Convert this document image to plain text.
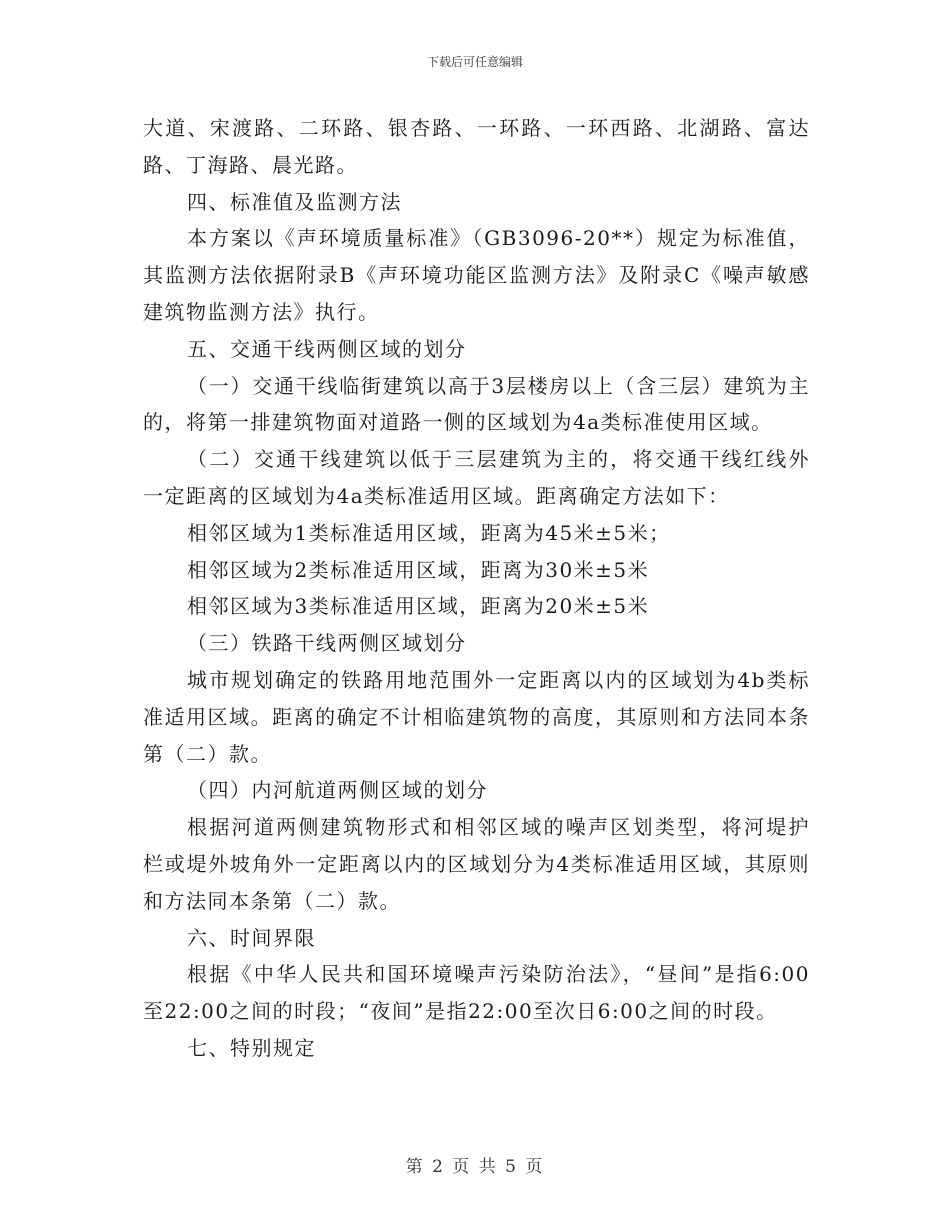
下载后可任意编辑

大道、宋渡路、二环路、银杏路、一环路、一环西路、北湖路、富达路、丁海路、晨光路。

四、标准值及监测方法

本方案以《声环境质量标准》（GB3096-20**）规定为标准值，其监测方法依据附录B《声环境功能区监测方法》及附录C《噪声敏感建筑物监测方法》执行。

五、交通干线两侧区域的划分

（一）交通干线临街建筑以高于3层楼房以上（含三层）建筑为主的，将第一排建筑物面对道路一侧的区域划为4a类标准使用区域。

（二）交通干线建筑以低于三层建筑为主的，将交通干线红线外一定距离的区域划为4a类标准适用区域。距离确定方法如下：

相邻区域为1类标准适用区域，距离为45米±5米；

相邻区域为2类标准适用区域，距离为30米±5米

相邻区域为3类标准适用区域，距离为20米±5米

（三）铁路干线两侧区域划分

城市规划确定的铁路用地范围外一定距离以内的区域划为4b类标准适用区域。距离的确定不计相临建筑物的高度，其原则和方法同本条第（二）款。

（四）内河航道两侧区域的划分

根据河道两侧建筑物形式和相邻区域的噪声区划类型，将河堤护栏或堤外坡角外一定距离以内的区域划分为4类标准适用区域，其原则和方法同本条第（二）款。

六、时间界限

根据《中华人民共和国环境噪声污染防治法》，“昼间”是指6:00至22:00之间的时段；“夜间”是指22:00至次日6:00之间的时段。

七、特别规定

第 2 页 共 5 页
